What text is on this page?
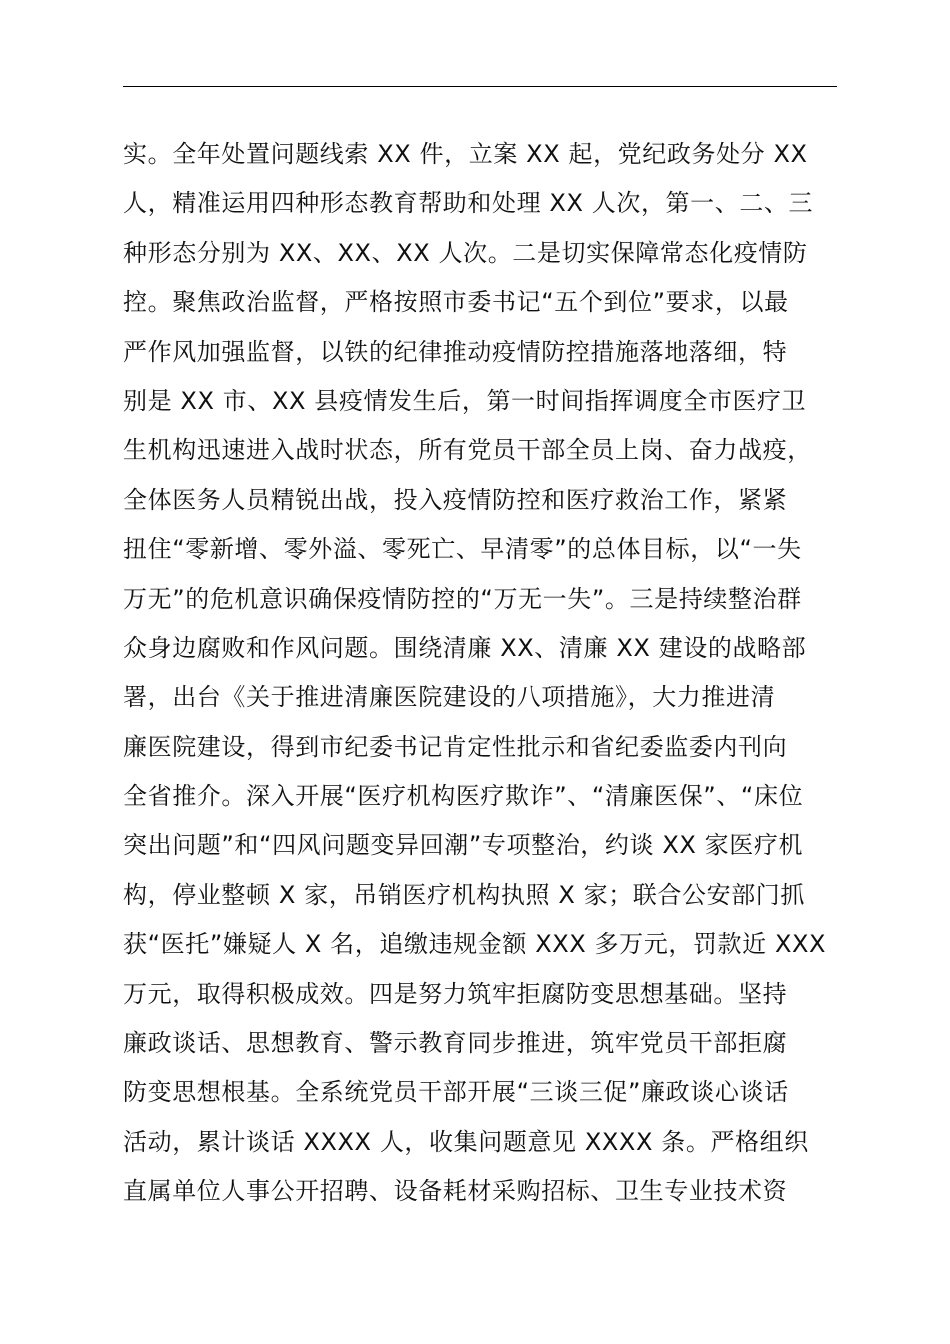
实。全年处置问题线索 XX 件，立案 XX 起，党纪政务处分 XX
人，精准运用四种形态教育帮助和处理 XX 人次，第一、二、三
种形态分别为 XX、XX、XX 人次。二是切实保障常态化疫情防
控。聚焦政治监督，严格按照市委书记“五个到位”要求，以最
严作风加强监督，以铁的纪律推动疫情防控措施落地落细，特
别是 XX 市、XX 县疫情发生后，第一时间指挥调度全市医疗卫
生机构迅速进入战时状态，所有党员干部全员上岗、奋力战疫，
全体医务人员精锐出战，投入疫情防控和医疗救治工作，紧紧
扭住“零新增、零外溢、零死亡、早清零”的总体目标，以“一失
万无”的危机意识确保疫情防控的“万无一失”。三是持续整治群
众身边腐败和作风问题。围绕清廉 XX、清廉 XX 建设的战略部
署，出台《关于推进清廉医院建设的八项措施》，大力推进清
廉医院建设，得到市纪委书记肯定性批示和省纪委监委内刊向
全省推介。深入开展“医疗机构医疗欺诈”、“清廉医保”、“床位
突出问题”和“四风问题变异回潮”专项整治，约谈 XX 家医疗机
构，停业整顿 X 家，吊销医疗机构执照 X 家；联合公安部门抓
获“医托”嫌疑人 X 名，追缴违规金额 XXX 多万元，罚款近 XXX
万元，取得积极成效。四是努力筑牢拒腐防变思想基础。坚持
廉政谈话、思想教育、警示教育同步推进，筑牢党员干部拒腐
防变思想根基。全系统党员干部开展“三谈三促”廉政谈心谈话
活动，累计谈话 XXXX 人，收集问题意见 XXXX 条。严格组织
直属单位人事公开招聘、设备耗材采购招标、卫生专业技术资
